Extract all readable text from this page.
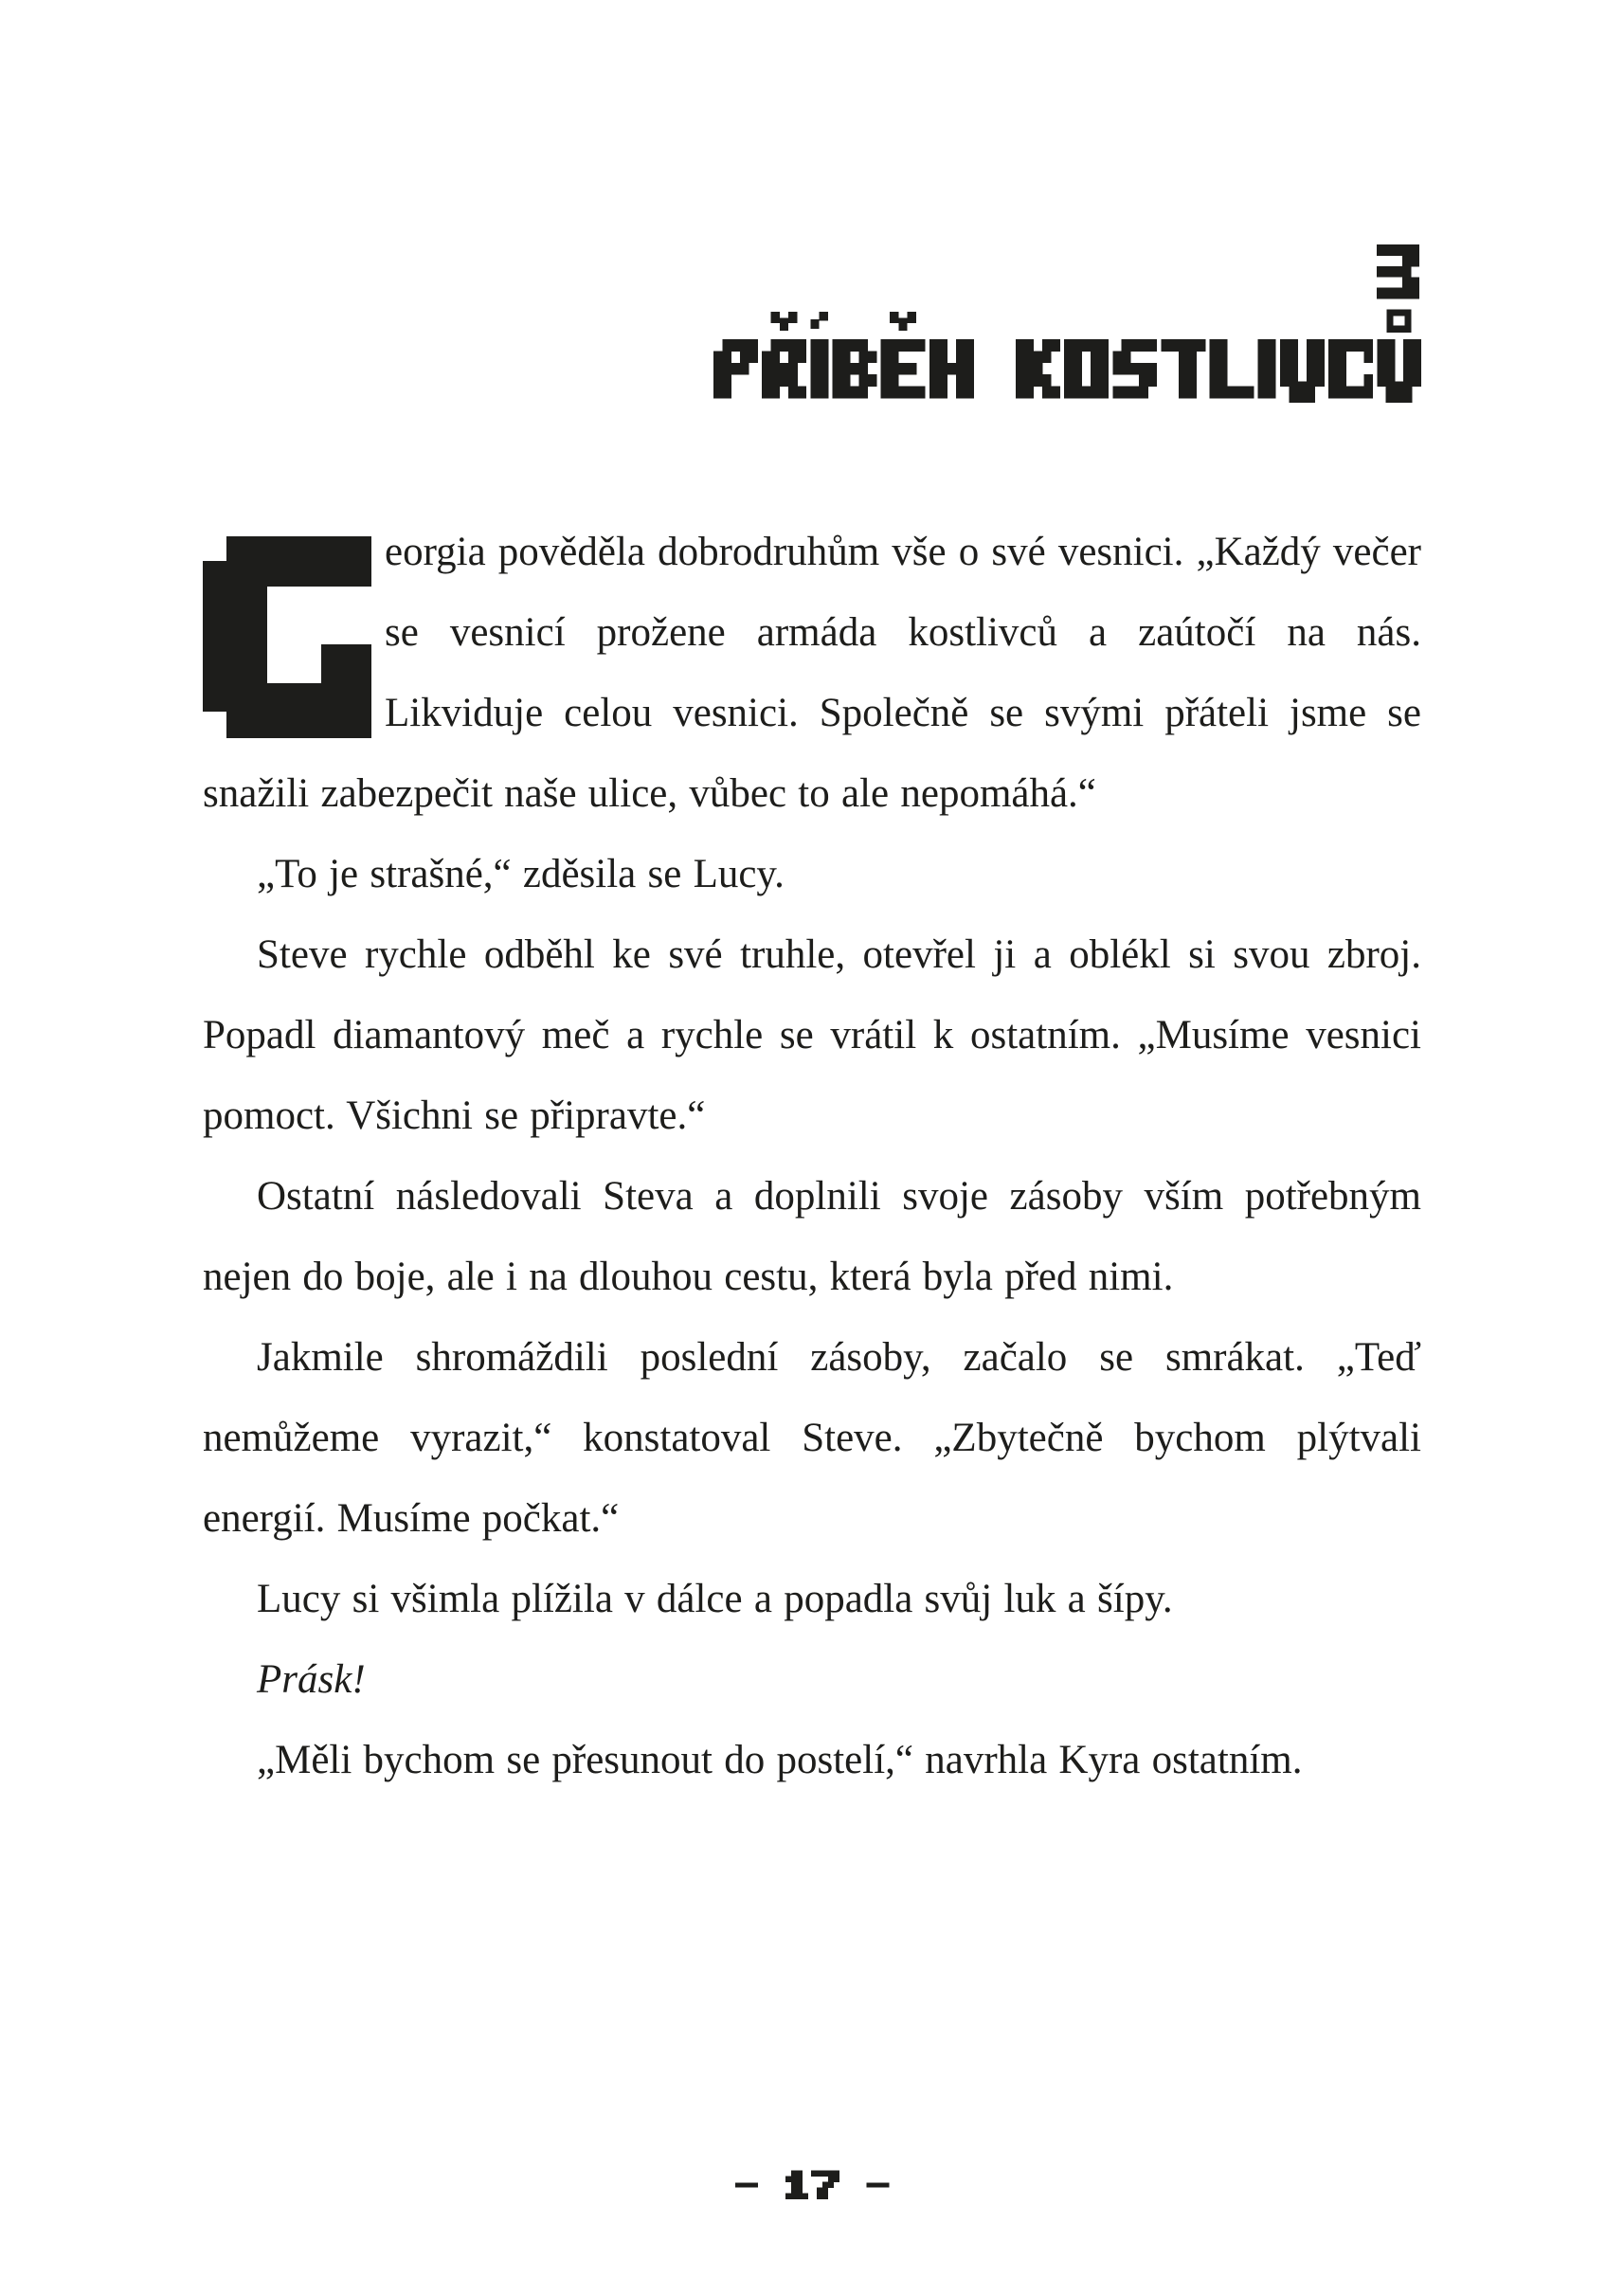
eorgia pověděla dobrodruhům vše o své vesnici. „Každý večer se vesnicí prožene armáda kostlivců a zaútočí na nás. Likviduje celou vesnici. Společně se svými přáteli jsme se snažili zabezpečit naše ulice, vůbec to ale nepomáhá.“

„To je strašné,“ zděsila se Lucy.

Steve rychle odběhl ke své truhle, otevřel ji a oblékl si svou zbroj. Popadl diamantový meč a rychle se vrátil k ostatním. „Musíme vesnici pomoct. Všichni se připravte.“

Ostatní následovali Steva a doplnili svoje zásoby vším potřebným nejen do boje, ale i na dlouhou cestu, která byla před nimi.

Jakmile shromáždili poslední zásoby, začalo se smrákat. „Teď nemůžeme vyrazit,“ konstatoval Steve. „Zbytečně bychom plýtvali energií. Musíme počkat.“

Lucy si všimla plížila v dálce a popadla svůj luk a šípy.

Prásk!

„Měli bychom se přesunout do postelí,“ navrhla Kyra ostatním.
